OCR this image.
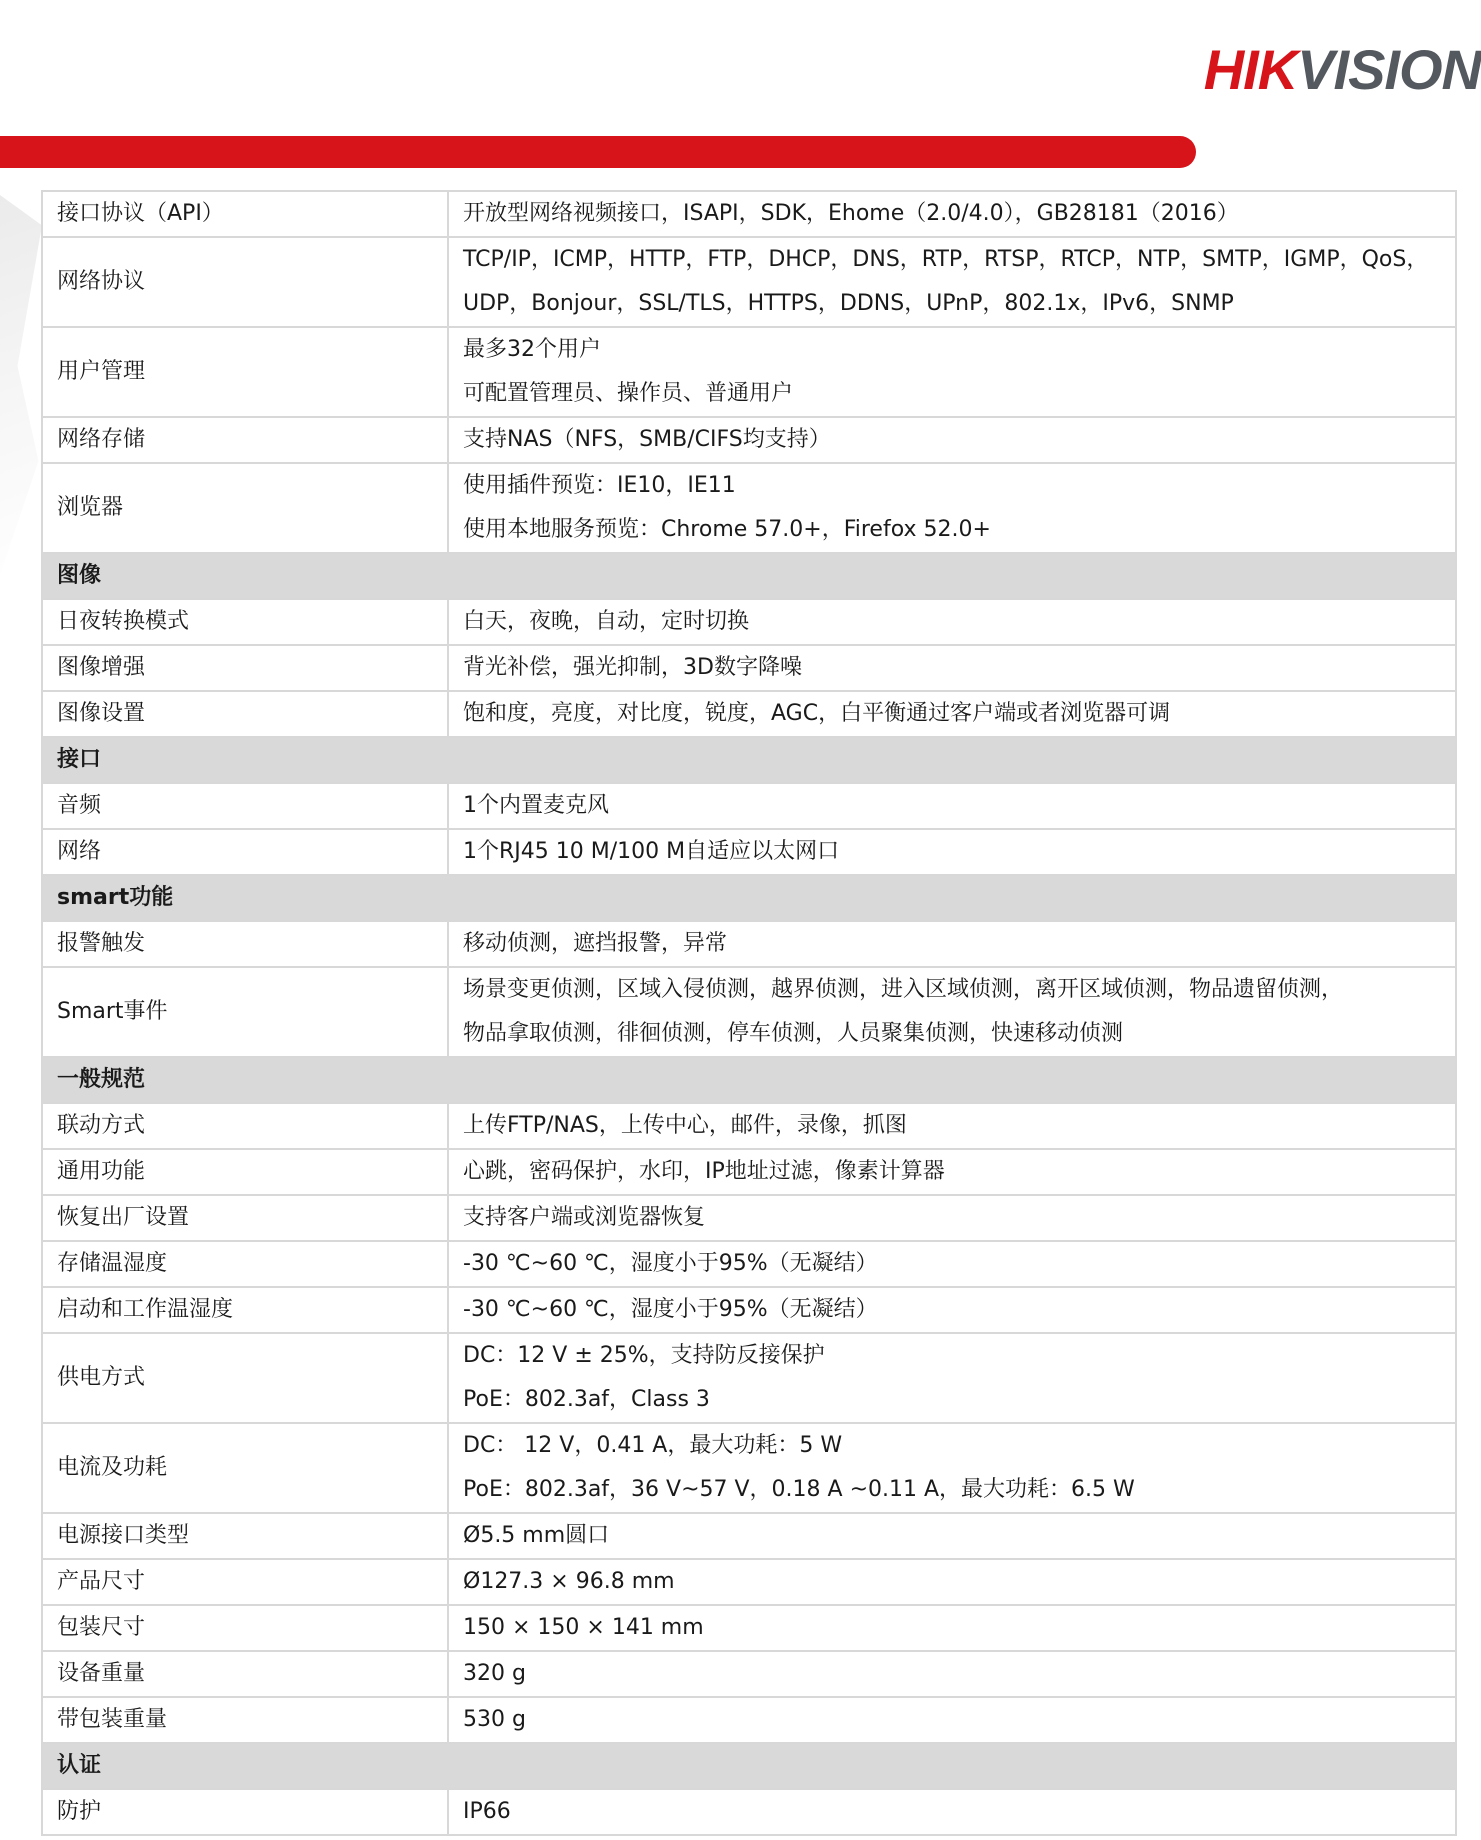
HIKVISION
接口协议（API）	开放型网络视频接口，ISAPI，SDK，Ehome（2.0/4.0），GB28181（2016）

网络协议	TCP/IP，ICMP，HTTP，FTP，DHCP，DNS，RTP，RTSP，RTCP，NTP，SMTP，IGMP，QoS，
UDP，Bonjour，SSL/TLS，HTTPS，DDNS，UPnP，802.1x，IPv6，SNMP

用户管理	最多32个用户
可配置管理员、操作员、普通用户

网络存储	支持NAS（NFS，SMB/CIFS均支持）

浏览器	使用插件预览：IE10，IE11
使用本地服务预览：Chrome 57.0+，Firefox 52.0+

图像	
日夜转换模式	白天，夜晚，自动，定时切换

图像增强	背光补偿，强光抑制，3D数字降噪

图像设置	饱和度，亮度，对比度，锐度，AGC，白平衡通过客户端或者浏览器可调

接口	
音频	1个内置麦克风

网络	1个RJ45 10 M/100 M自适应以太网口

smart功能	
报警触发	移动侦测，遮挡报警，异常

Smart事件	场景变更侦测，区域入侵侦测，越界侦测，进入区域侦测，离开区域侦测，物品遗留侦测，
物品拿取侦测，徘徊侦测，停车侦测，人员聚集侦测，快速移动侦测

一般规范	
联动方式	上传FTP/NAS，上传中心，邮件，录像，抓图

通用功能	心跳，密码保护，水印，IP地址过滤，像素计算器

恢复出厂设置	支持客户端或浏览器恢复

存储温湿度	-30 ℃~60 ℃，湿度小于95%（无凝结）

启动和工作温湿度	-30 ℃~60 ℃，湿度小于95%（无凝结）

供电方式	DC：12 V ± 25%，支持防反接保护
PoE：802.3af，Class 3

电流及功耗	DC： 12 V，0.41 A，最大功耗：5 W
PoE：802.3af，36 V~57 V，0.18 A ~0.11 A，最大功耗：6.5 W

电源接口类型	Ø5.5 mm圆口

产品尺寸	Ø127.3 × 96.8 mm

包装尺寸	150 × 150 × 141 mm

设备重量	320 g

带包装重量	530 g

认证	
防护	IP66
